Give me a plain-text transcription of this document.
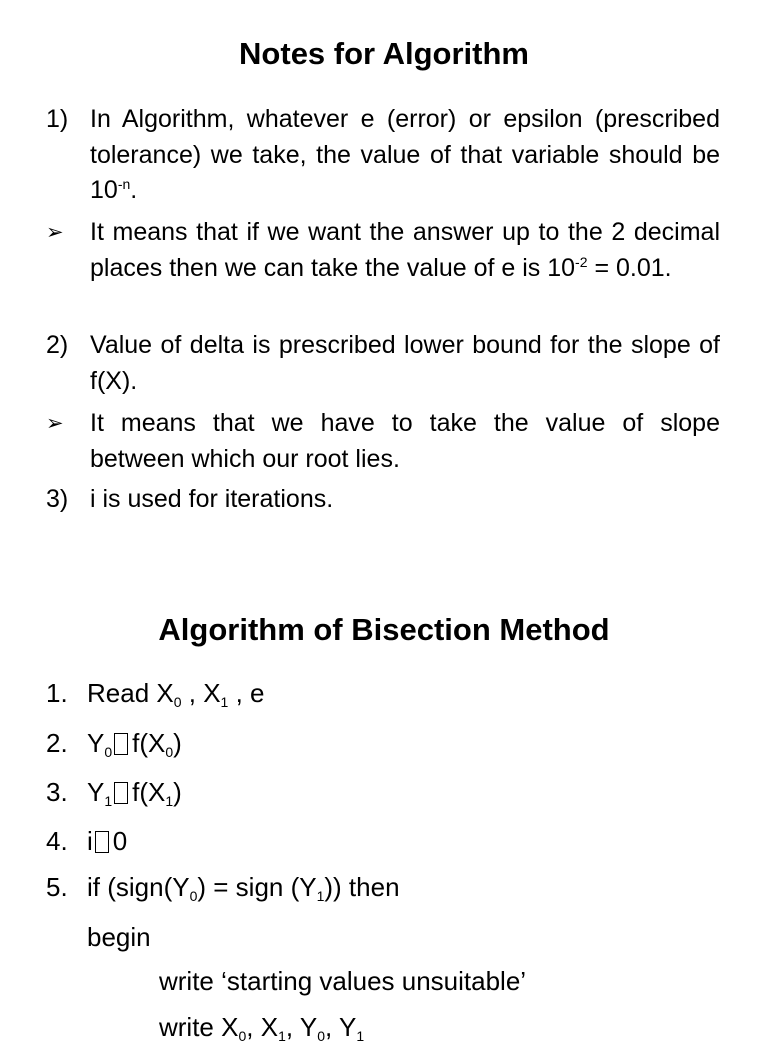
Notes for Algorithm
1) In Algorithm, whatever e (error) or epsilon (prescribed tolerance) we take, the value of that variable should be $10^{-n}$.
➢ It means that if we want the answer up to the 2 decimal places then we can take the value of e is $10^{-2} = 0.01$.
2) Value of delta is prescribed lower bound for the slope of f(X).
➢ It means that we have to take the value of slope between which our root lies.
3) i is used for iterations.
Algorithm of Bisection Method
1. Read $X_0$ , $X_1$ , e
2. $Y_0$ $f(X_0)$
3. $Y_1$ $f(X_1)$
4. i 0
5. if ($sign(Y_0)$ = sign $(Y_1)$) then
begin
write ‘starting values unsuitable’
write $X_0$, $X_1$, $Y_0$, $Y_1$
